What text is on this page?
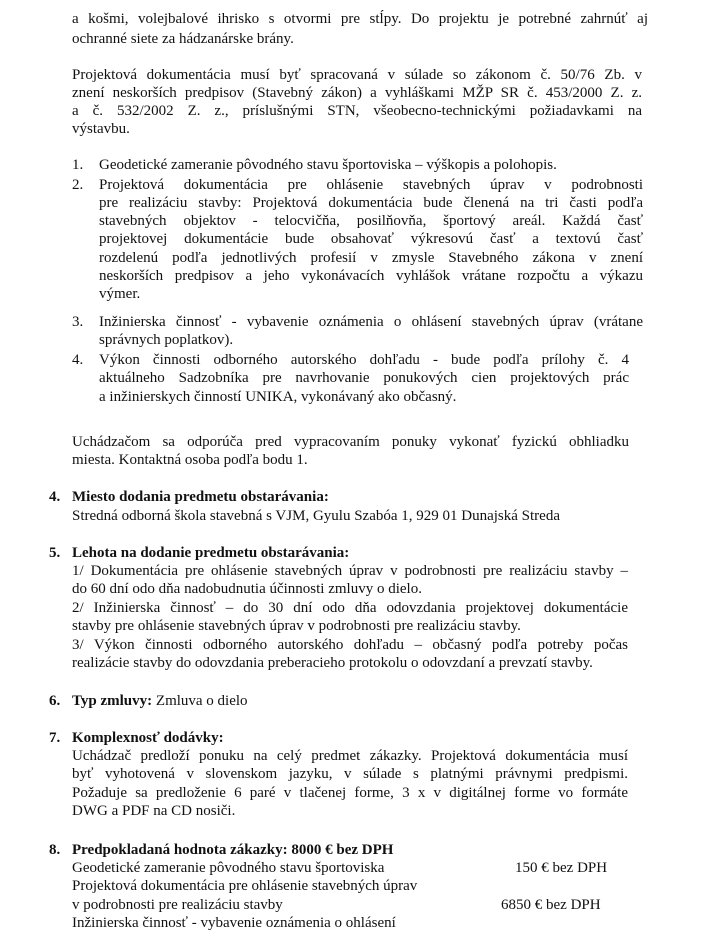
a košmi, volejbalové ihrisko s otvormi pre stĺpy. Do projektu je potrebné zahrnúť aj

ochranné siete za hádzanárske brány.

Projektová dokumentácia musí byť spracovaná v súlade so zákonom č. 50/76 Zb. v

znení neskorších predpisov (Stavebný zákon) a vyhláškami MŽP SR č. 453/2000 Z. z.

a č. 532/2002 Z. z., príslušnými STN, všeobecno-technickými požiadavkami na

výstavbu.

1. Geodetické zameranie pôvodného stavu športoviska – výškopis a polohopis.

2. Projektová dokumentácia pre ohlásenie stavebných úprav v podrobnosti

pre realizáciu stavby: Projektová dokumentácia bude členená na tri časti podľa

stavebných objektov - telocvičňa, posilňovňa, športový areál. Každá časť

projektovej dokumentácie bude obsahovať výkresovú časť a textovú časť

rozdelenú podľa jednotlivých profesií v zmysle Stavebného zákona v znení

neskorších predpisov a jeho vykonávacích vyhlášok vrátane rozpočtu a výkazu

výmer.

3. Inžinierska činnosť - vybavenie oznámenia o ohlásení stavebných úprav (vrátane

správnych poplatkov).

4. Výkon činnosti odborného autorského dohľadu - bude podľa prílohy č. 4

aktuálneho Sadzobníka pre navrhovanie ponukových cien projektových prác

a inžinierskych činností UNIKA, vykonávaný ako občasný.

Uchádzačom sa odporúča pred vypracovaním ponuky vykonať fyzickú obhliadku

miesta. Kontaktná osoba podľa bodu 1.

4. Miesto dodania predmetu obstarávania:

Stredná odborná škola stavebná s VJM, Gyulu Szabóa 1, 929 01 Dunajská Streda

5. Lehota na dodanie predmetu obstarávania:

1/ Dokumentácia pre ohlásenie stavebných úprav v podrobnosti pre realizáciu stavby –

do 60 dní odo dňa nadobudnutia účinnosti zmluvy o dielo.

2/ Inžinierska činnosť – do 30 dní odo dňa odovzdania projektovej dokumentácie

stavby pre ohlásenie stavebných úprav v podrobnosti pre realizáciu stavby.

3/ Výkon činnosti odborného autorského dohľadu – občasný podľa potreby počas

realizácie stavby do odovzdania preberacieho protokolu o odovzdaní a prevzatí stavby.

6. Typ zmluvy: Zmluva o dielo

7. Komplexnosť dodávky:

Uchádzač predloží ponuku na celý predmet zákazky. Projektová dokumentácia musí

byť vyhotovená v slovenskom jazyku, v súlade s platnými právnymi predpismi.

Požaduje sa predloženie 6 paré v tlačenej forme, 3 x v digitálnej forme vo formáte

DWG a PDF na CD nosiči.

8. Predpokladaná hodnota zákazky: 8000 € bez DPH

Geodetické zameranie pôvodného stavu športoviska	150 € bez DPH

Projektová dokumentácia pre ohlásenie stavebných úprav

v podrobnosti pre realizáciu stavby	6850 € bez DPH

Inžinierska činnosť - vybavenie oznámenia o ohlásení
